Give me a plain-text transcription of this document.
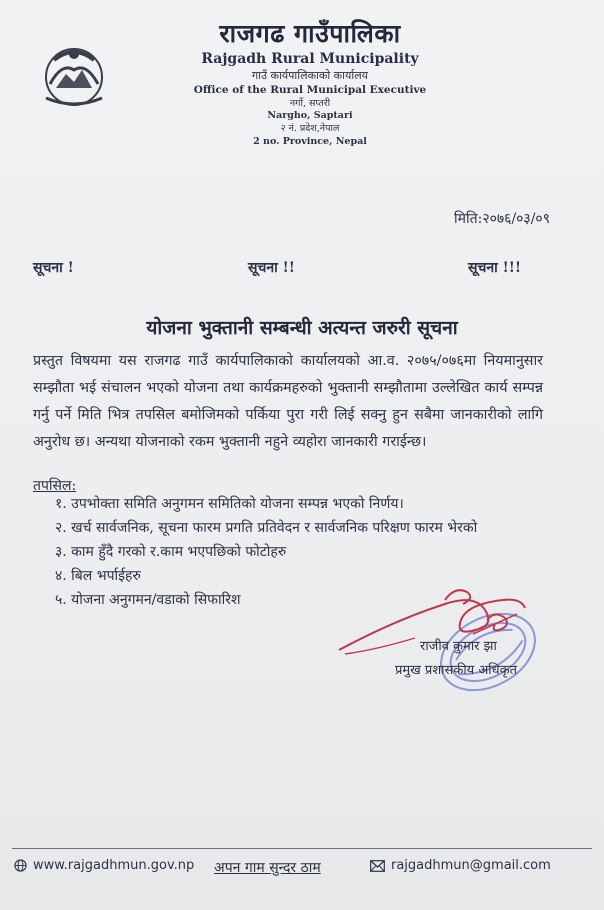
राजगढ गाउँपालिका
Rajgadh Rural Municipality
गाउँ कार्यपालिकाको कार्यालय
Office of the Rural Municipal Executive
नर्गो, सप्तरी
Nargho, Saptari
२ नं. प्रदेश,नेपाल
2 no. Province, Nepal
मिति:२०७६/०३/०९
सूचना !	सूचना !!	सूचना !!!
योजना भुक्तानी सम्बन्धी अत्यन्त जरुरी सूचना
प्रस्तुत विषयमा यस राजगढ गाउँ कार्यपालिकाको कार्यालयको आ.व. २०७५/०७६मा नियमानुसार सम्झौता भई संचालन भएको योजना तथा कार्यक्रमहरुको भुक्तानी सम्झौतामा उल्लेखित कार्य सम्पन्न गर्नु पर्ने मिति भित्र तपसिल बमोजिमको पर्किया पुरा गरी लिई सक्नु हुन सबैमा जानकारीको लागि अनुरोध छ। अन्यथा योजनाको रकम भुक्तानी नहुने व्यहोरा जानकारी गराईन्छ।
तपसिल:
१. उपभोक्ता समिति अनुगमन समितिको योजना सम्पन्न भएको निर्णय।
२. खर्च सार्वजनिक, सूचना फारम प्रगति प्रतिवेदन र सार्वजनिक परिक्षण फारम भेरको
३. काम हुँदै गरको र.काम भएपछिको फोटोहरु
४. बिल भर्पाईहरु
५. योजना अनुगमन/वडाको सिफारिश
राजीव कुमार झा
प्रमुख प्रशासकीय अधिकृत
www.rajgadhmun.gov.np अपन गाम सुन्दर ठाम	rajgadhmun@gmail.com
